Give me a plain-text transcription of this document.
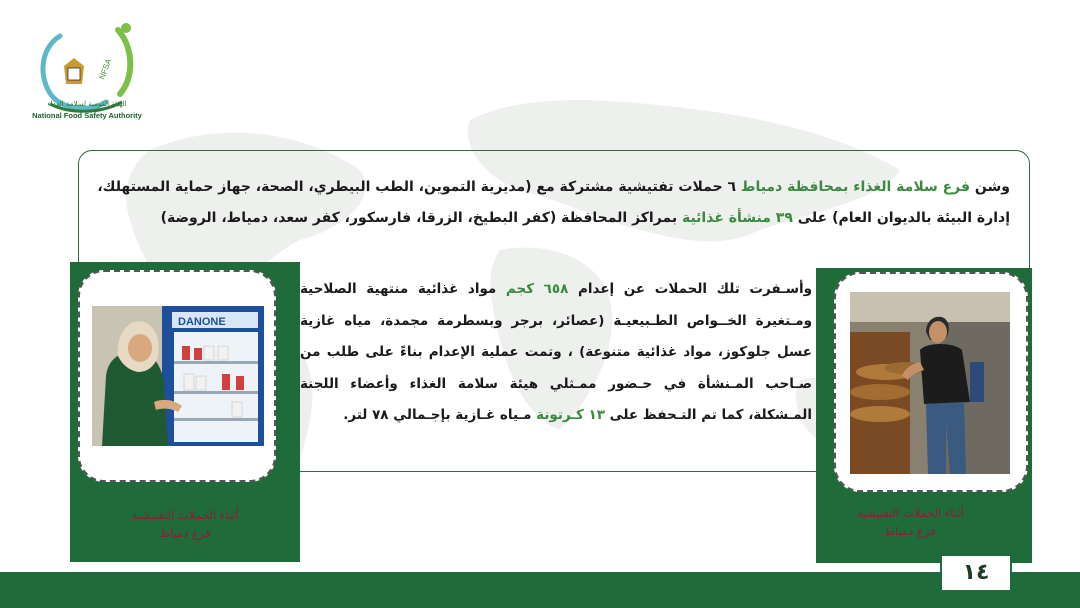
NFSA
الهيئة القومية لسلامة الغذاء
National Food Safety Authority
وشن فرع سلامة الغذاء بمحافظة دمياط ٦ حملات تفتيشية مشتركة مع (مديرية التموين، الطب البيطري، الصحة، جهاز حماية المستهلك، إدارة البيئة بالديوان العام) على ٣٩ منشأة غذائية بمراكز المحافظة (كفر البطيخ، الزرقا، فارسكور، كفر سعد، دمياط، الروضة)
DANONE
وأسـفرت تلك الحملات عن إعدام ٦٥٨ كجم مواد غذائية منتهية الصلاحية ومـتغيرة الخــواص الطـبيعيـة (عصائر، برجر وبسطرمة مجمدة، مياه غازية عسل جلوكوز، مواد غذائية متنوعة) ، وتمت عملية الإعدام بناءً على طلب من صـاحب المـنشأة في حـضور ممـثلي هيئة سلامة الغذاء وأعضاء اللجنة المـشكلة، كما تم التـحفظ على ١٣ كـرتونة مـياه غـازية بإجـمالي ٧٨ لتر.
أثناء الحملات التفتيشية
فرع دمياط
أثناء الحملات التفتيشية
فرع دمياط
١٤
